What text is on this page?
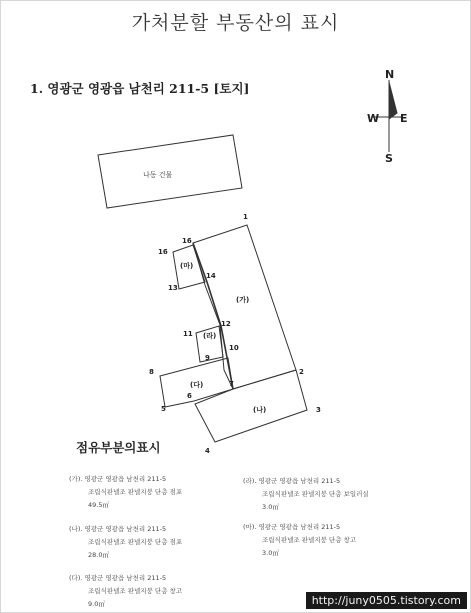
가처분할 부동산의 표시
1. 영광군 영광읍 남천리 211-5 [토지]
N
S
E
W
나동 건물
1
2
3
4
5
6
7
8
9
10
11
12
13
14
16
16
(가)
(나)
(다)
(라)
(마)
점유부분의표시
(가). 영광군 영광읍 남천리 211-5
조립식판넬조 판넬지붕 단층 점포
49.5㎡
(나). 영광군 영광읍 남천리 211-5
조립식판넬조 판넬지붕 단층 점포
28.0㎡
(다). 영광군 영광읍 남천리 211-5
조립식판넬조 판넬지붕 단층 창고
9.0㎡
(라). 영광군 영광읍 남천리 211-5
조립식판넬조 판넬지붕 단층 보일러실
3.0㎡
(마). 영광군 영광읍 남천리 211-5
조립식판넬조 판넬지붕 단층 창고
3.0㎡
http://juny0505.tistory.com
